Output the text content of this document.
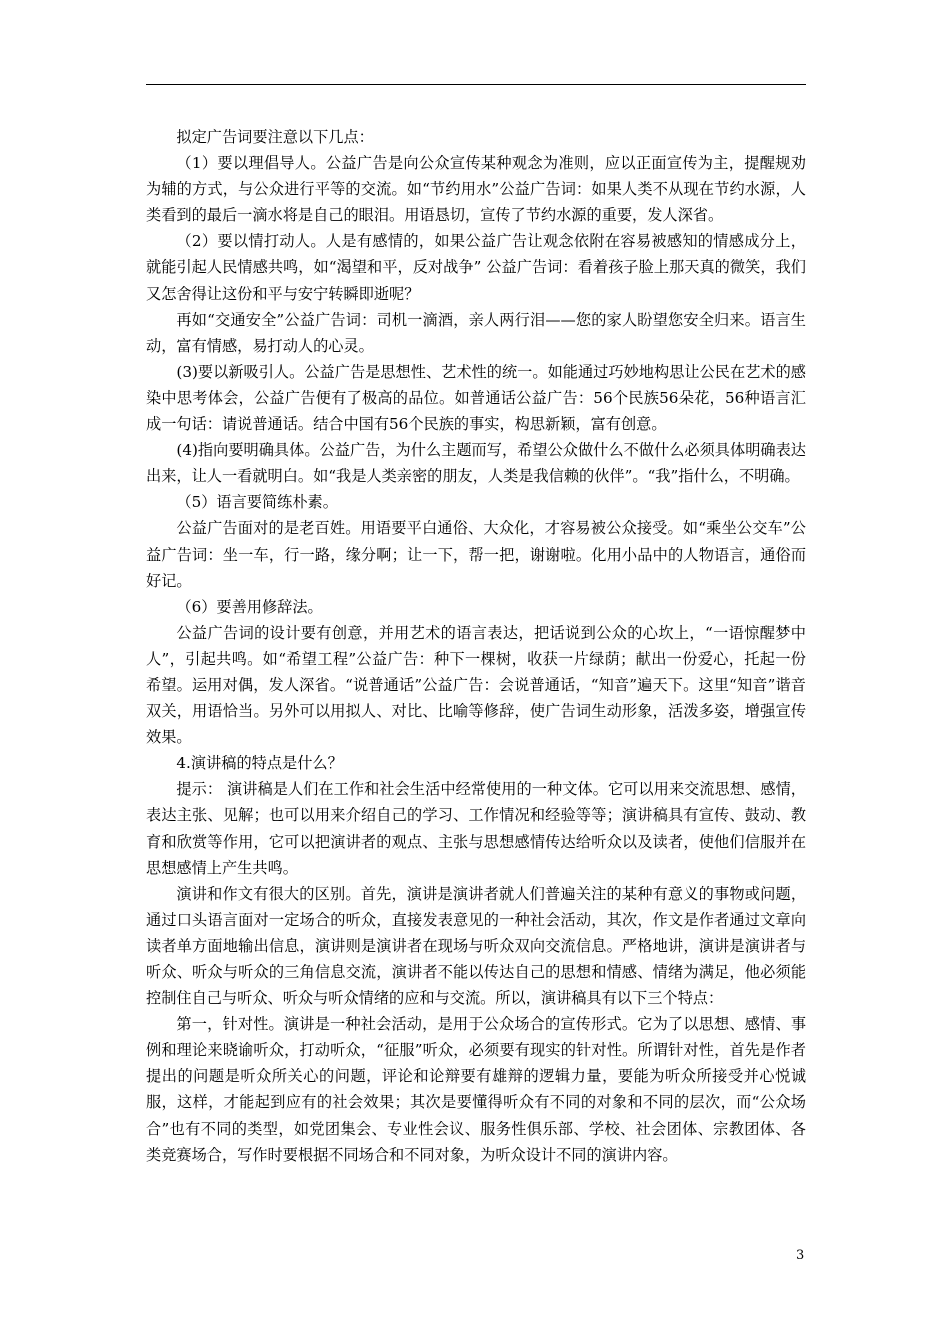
拟定广告词要注意以下几点：

（1）要以理倡导人。公益广告是向公众宣传某种观念为准则，应以正面宣传为主，提醒规劝为辅的方式，与公众进行平等的交流。如“节约用水”公益广告词：如果人类不从现在节约水源，人类看到的最后一滴水将是自己的眼泪。用语恳切，宣传了节约水源的重要，发人深省。

（2）要以情打动人。人是有感情的，如果公益广告让观念依附在容易被感知的情感成分上，就能引起人民情感共鸣，如“渴望和平，反对战争” 公益广告词：看着孩子脸上那天真的微笑，我们又怎舍得让这份和平与安宁转瞬即逝呢？

再如“交通安全”公益广告词：司机一滴酒，亲人两行泪——您的家人盼望您安全归来。语言生动，富有情感，易打动人的心灵。

(3)要以新吸引人。公益广告是思想性、艺术性的统一。如能通过巧妙地构思让公民在艺术的感染中思考体会，公益广告便有了极高的品位。如普通话公益广告：56个民族56朵花，56种语言汇成一句话：请说普通话。结合中国有56个民族的事实，构思新颖，富有创意。

(4)指向要明确具体。公益广告，为什么主题而写，希望公众做什么不做什么必须具体明确表达出来，让人一看就明白。如“我是人类亲密的朋友，人类是我信赖的伙伴”。“我”指什么，不明确。

（5）语言要简练朴素。

公益广告面对的是老百姓。用语要平白通俗、大众化，才容易被公众接受。如“乘坐公交车”公益广告词：坐一车，行一路，缘分啊；让一下，帮一把，谢谢啦。化用小品中的人物语言，通俗而好记。

（6）要善用修辞法。

公益广告词的设计要有创意，并用艺术的语言表达，把话说到公众的心坎上，“一语惊醒梦中人”，引起共鸣。如“希望工程”公益广告：种下一棵树，收获一片绿荫；献出一份爱心，托起一份希望。运用对偶，发人深省。“说普通话”公益广告：会说普通话，“知音”遍天下。这里“知音”谐音双关，用语恰当。另外可以用拟人、对比、比喻等修辞，使广告词生动形象，活泼多姿，增强宣传效果。

4.演讲稿的特点是什么？

提示： 演讲稿是人们在工作和社会生活中经常使用的一种文体。它可以用来交流思想、感情，表达主张、见解；也可以用来介绍自己的学习、工作情况和经验等等；演讲稿具有宣传、鼓动、教育和欣赏等作用，它可以把演讲者的观点、主张与思想感情传达给听众以及读者，使他们信服并在思想感情上产生共鸣。

演讲和作文有很大的区别。首先，演讲是演讲者就人们普遍关注的某种有意义的事物或问题，通过口头语言面对一定场合的听众，直接发表意见的一种社会活动，其次，作文是作者通过文章向读者单方面地输出信息，演讲则是演讲者在现场与听众双向交流信息。严格地讲，演讲是演讲者与听众、听众与听众的三角信息交流，演讲者不能以传达自己的思想和情感、情绪为满足，他必须能控制住自己与听众、听众与听众情绪的应和与交流。所以，演讲稿具有以下三个特点：

第一，针对性。演讲是一种社会活动，是用于公众场合的宣传形式。它为了以思想、感情、事例和理论来晓谕听众，打动听众，“征服”听众，必须要有现实的针对性。所谓针对性，首先是作者提出的问题是听众所关心的问题，评论和论辩要有雄辩的逻辑力量，要能为听众所接受并心悦诚服，这样，才能起到应有的社会效果；其次是要懂得听众有不同的对象和不同的层次，而“公众场合”也有不同的类型，如党团集会、专业性会议、服务性俱乐部、学校、社会团体、宗教团体、各类竞赛场合，写作时要根据不同场合和不同对象，为听众设计不同的演讲内容。

3
